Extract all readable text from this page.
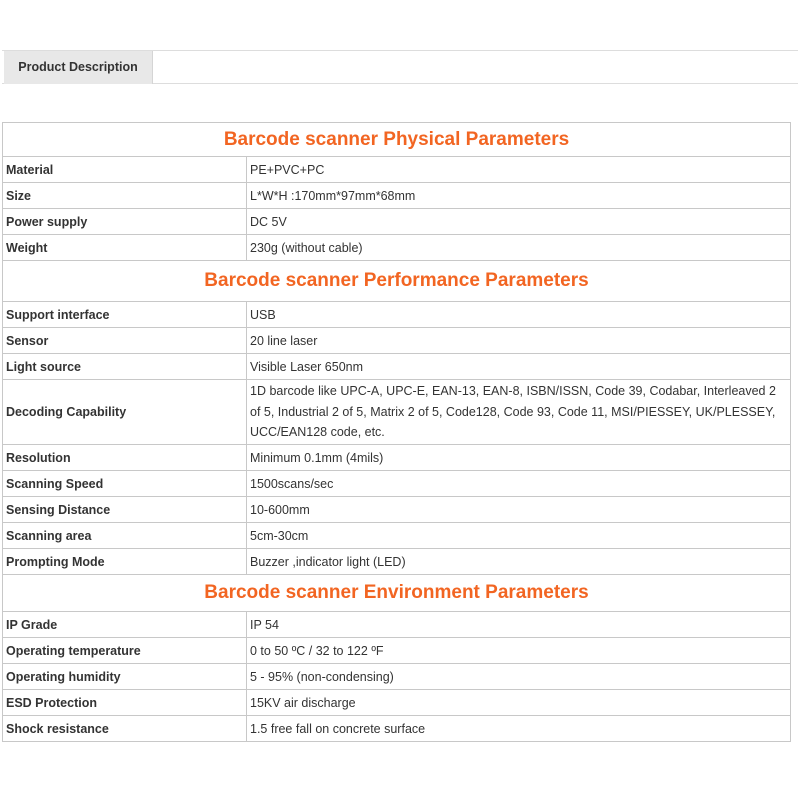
Product Description
Barcode scanner Physical Parameters	
Material	PE+PVC+PC
Size	L*W*H :170mm*97mm*68mm
Power supply	DC 5V
Weight	230g (without cable)
Barcode scanner Performance Parameters	
Support interface	USB
Sensor	20 line laser
Light source	Visible Laser 650nm
Decoding Capability	1D barcode like UPC-A, UPC-E, EAN-13, EAN-8, ISBN/ISSN, Code 39, Codabar, Interleaved 2 of 5, Industrial 2 of 5, Matrix 2 of 5, Code128, Code 93, Code 11, MSI/PIESSEY, UK/PLESSEY, UCC/EAN128 code, etc.

Resolution	Minimum 0.1mm (4mils)
Scanning Speed	1500scans/sec
Sensing Distance	10-600mm
Scanning area	5cm-30cm
Prompting Mode	Buzzer ,indicator light (LED)
Barcode scanner Environment Parameters	
IP Grade	IP 54
Operating temperature	0 to 50 ºC / 32 to 122 ºF
Operating humidity	5 - 95% (non-condensing)
ESD Protection	15KV air discharge
Shock resistance	1.5 free fall on concrete surface
